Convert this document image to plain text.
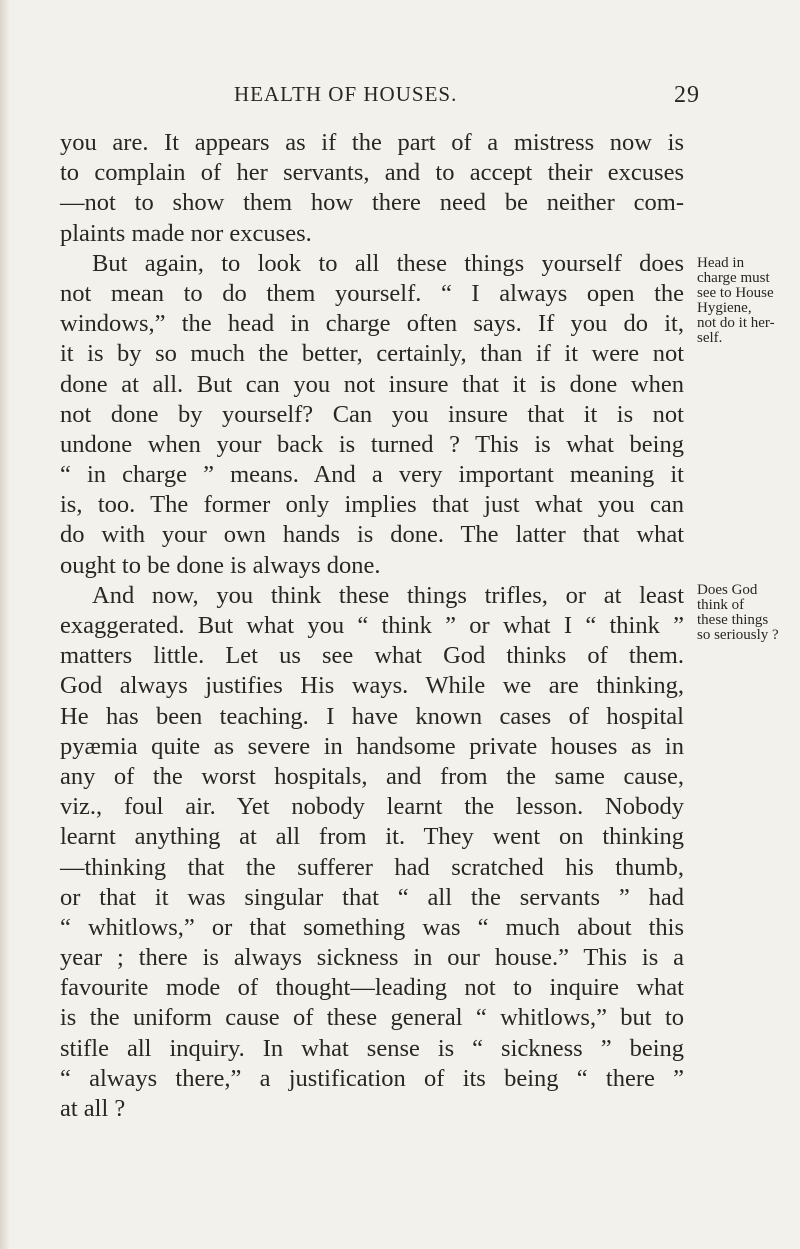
HEALTH OF HOUSES.	29
you are. It appears as if the part of a mistress now is
to complain of her servants, and to accept their excuses
—not to show them how there need be neither com-
plaints made nor excuses.
But again, to look to all these things yourself does
not mean to do them yourself. “ I always open the
windows,” the head in charge often says. If you do it,
it is by so much the better, certainly, than if it were not
done at all. But can you not insure that it is done when
not done by yourself? Can you insure that it is not
undone when your back is turned ? This is what being
“ in charge ” means. And a very important meaning it
is, too. The former only implies that just what you can
do with your own hands is done. The latter that what
ought to be done is always done.
And now, you think these things trifles, or at least
exaggerated. But what you “ think ” or what I “ think ”
matters little. Let us see what God thinks of them.
God always justifies His ways. While we are thinking,
He has been teaching. I have known cases of hospital
pyæmia quite as severe in handsome private houses as in
any of the worst hospitals, and from the same cause,
viz., foul air. Yet nobody learnt the lesson. Nobody
learnt anything at all from it. They went on thinking
—thinking that the sufferer had scratched his thumb,
or that it was singular that “ all the servants ” had
“ whitlows,” or that something was “ much about this
year ; there is always sickness in our house.” This is a
favourite mode of thought—leading not to inquire what
is the uniform cause of these general “ whitlows,” but to
stifle all inquiry. In what sense is “ sickness ” being
“ always there,” a justification of its being “ there ”
at all ?
Head in
charge must
see to House
Hygiene,
not do it her-
self.
Does God
think of
these things
so seriously ?
